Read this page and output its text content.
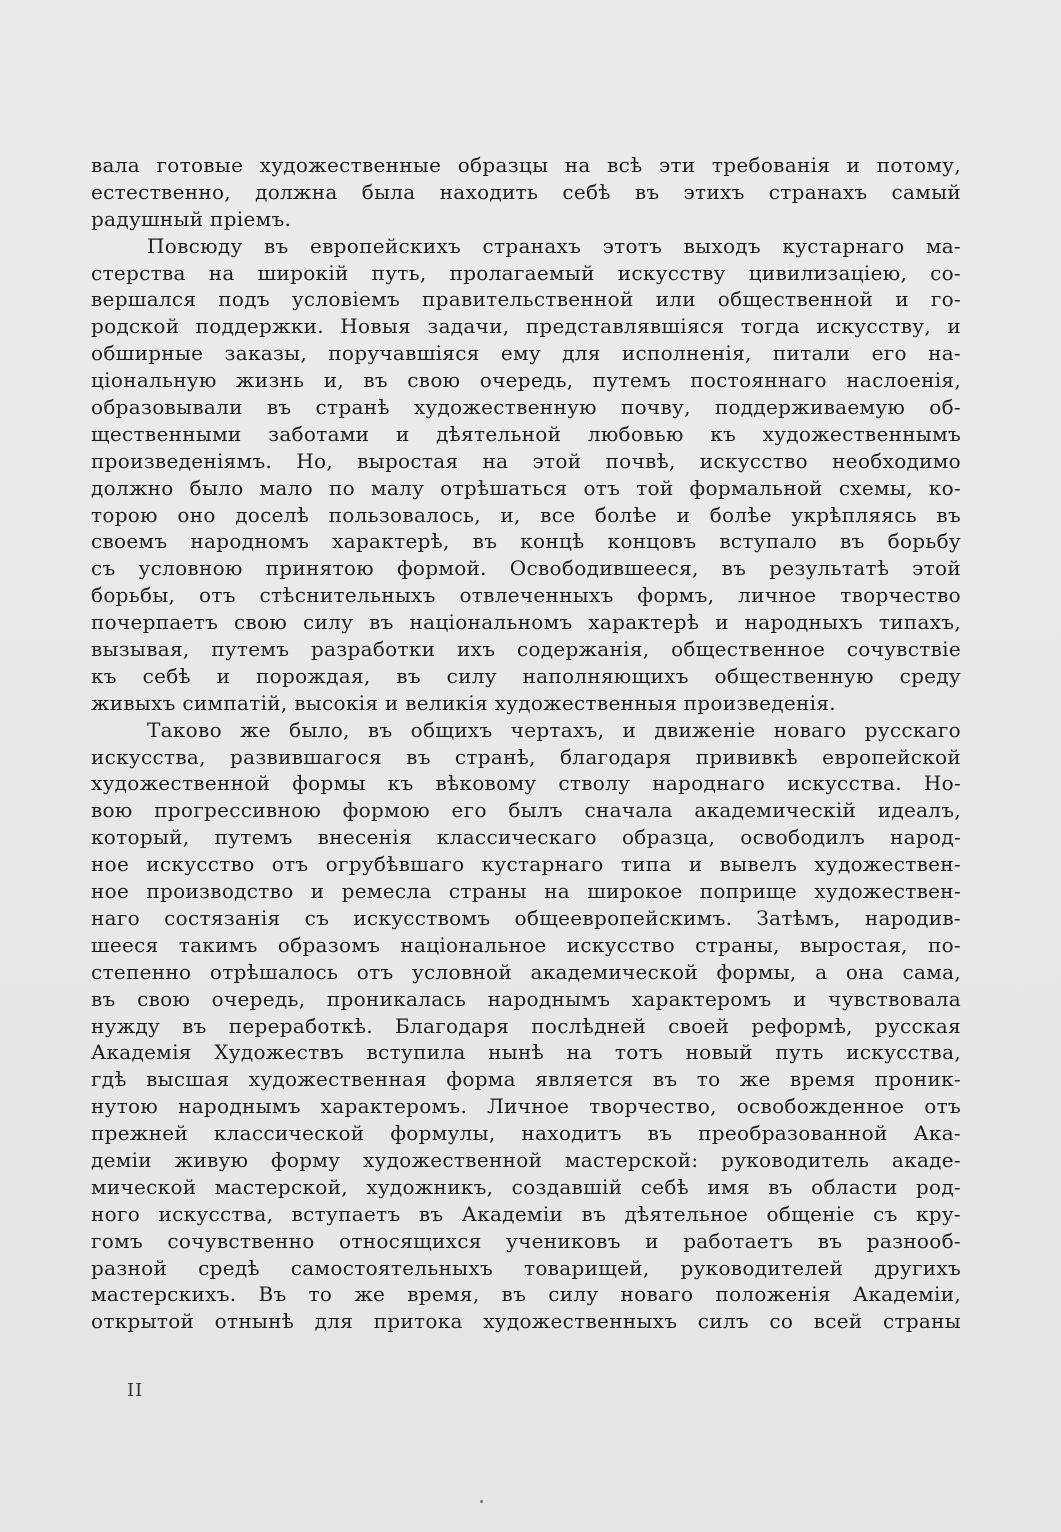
вала готовые художественные образцы на всѣ эти требованія и потому,
естественно, должна была находить себѣ въ этихъ странахъ самый
радушный пріемъ.
Повсюду въ европейскихъ странахъ этотъ выходъ кустарнаго ма-
стерства на широкій путь, пролагаемый искусству цивилизаціею, со-
вершался подъ условіемъ правительственной или общественной и го-
родской поддержки. Новыя задачи, представлявшіяся тогда искусству, и
обширные заказы, поручавшіяся ему для исполненія, питали его на-
ціональную жизнь и, въ свою очередь, путемъ постояннаго наслоенія,
образовывали въ странѣ художественную почву, поддерживаемую об-
щественными заботами и дѣятельной любовью къ художественнымъ
произведеніямъ. Но, выростая на этой почвѣ, искусство необходимо
должно было мало по малу отрѣшаться отъ той формальной схемы, ко-
торою оно доселѣ пользовалось, и, все болѣе и болѣе укрѣпляясь въ
своемъ народномъ характерѣ, въ концѣ концовъ вступало въ борьбу
съ условною принятою формой. Освободившееся, въ результатѣ этой
борьбы, отъ стѣснительныхъ отвлеченныхъ формъ, личное творчество
почерпаетъ свою силу въ національномъ характерѣ и народныхъ типахъ,
вызывая, путемъ разработки ихъ содержанія, общественное сочувствіе
къ себѣ и порождая, въ силу наполняющихъ общественную среду
живыхъ симпатій, высокія и великія художественныя произведенія.
Таково же было, въ общихъ чертахъ, и движеніе новаго русскаго
искусства, развившагося въ странѣ, благодаря прививкѣ европейской
художественной формы къ вѣковому стволу народнаго искусства. Но-
вою прогрессивною формою его былъ сначала академическій идеалъ,
который, путемъ внесенія классическаго образца, освободилъ народ-
ное искусство отъ огрубѣвшаго кустарнаго типа и вывелъ художествен-
ное производство и ремесла страны на широкое поприще художествен-
наго состязанія съ искусствомъ общеевропейскимъ. Затѣмъ, народив-
шееся такимъ образомъ національное искусство страны, выростая, по-
степенно отрѣшалось отъ условной академической формы, а она сама,
въ свою очередь, проникалась народнымъ характеромъ и чувствовала
нужду въ переработкѣ. Благодаря послѣдней своей реформѣ, русская
Академія Художествъ вступила нынѣ на тотъ новый путь искусства,
гдѣ высшая художественная форма является въ то же время проник-
нутою народнымъ характеромъ. Личное творчество, освобожденное отъ
прежней классической формулы, находитъ въ преобразованной Ака-
деміи живую форму художественной мастерской: руководитель акаде-
мической мастерской, художникъ, создавшій себѣ имя въ области род-
ного искусства, вступаетъ въ Академіи въ дѣятельное общеніе съ кру-
гомъ сочувственно относящихся учениковъ и работаетъ въ разнооб-
разной средѣ самостоятельныхъ товарищей, руководителей другихъ
мастерскихъ. Въ то же время, въ силу новаго положенія Академіи,
открытой отнынѣ для притока художественныхъ силъ со всей страны
II
